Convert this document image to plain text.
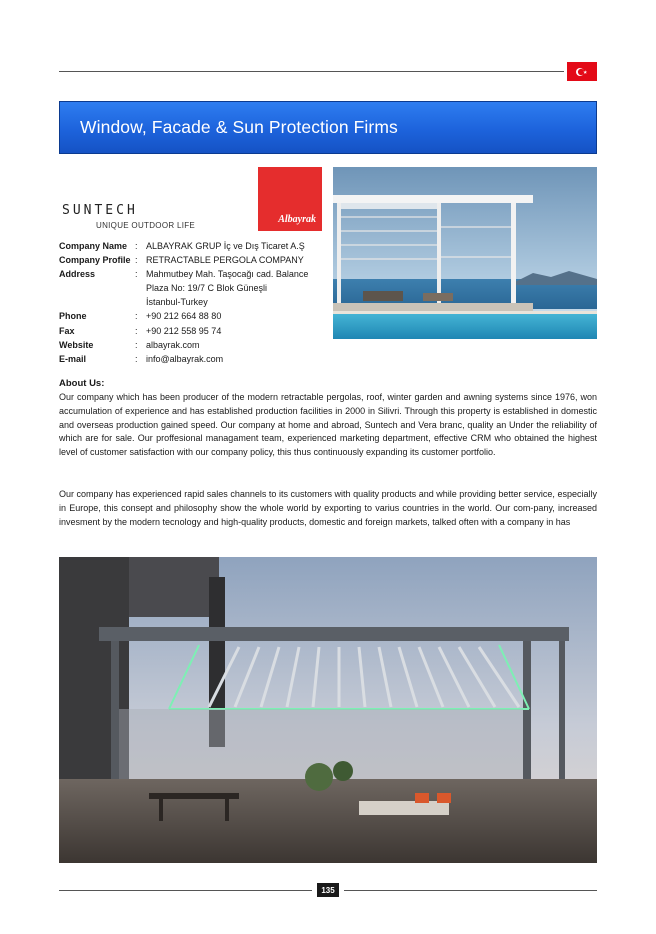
Window, Facade & Sun Protection Firms
SUNTECH
UNIQUE OUTDOOR LIFE
Albayrak
Company Name : ALBAYRAK GRUP İç ve Dış Ticaret A.Ş
Company Profile : RETRACTABLE PERGOLA COMPANY
Address	: Mahmutbey Mah. Taşocağı cad. Balance
Plaza No: 19/7 C Blok Güneşli
İstanbul-Turkey
Phone	: +90 212 664 88 80
Fax	: +90 212 558 95 74
Website	: albayrak.com
E-mail	: info@albayrak.com
About Us:
Our company which has been producer of the modern retractable pergolas, roof, winter garden and awning systems since 1976, won accumulation of experience and has established production facilities in 2000 in Silivri. Through this property is established in domestic and overseas production gained speed. Our company at home and abroad, Suntech and Vera branc, quality an Under the reliability of which are for sale. Our proffesional managament team, experienced marketing department, effective CRM who obtained the highest level of customer satisfaction with our company policy, this thus continuously expanding its customer portfolio.
Our company has experienced rapid sales channels to its customers with quality products and while providing better service, especially in Europe, this consept and philosophy show the whole world by exporting to varius countries in the world. Our com-pany, increased invesment by the modern tecnology and high-quality products, domestic and foreign markets, talked often with a company in has
135
